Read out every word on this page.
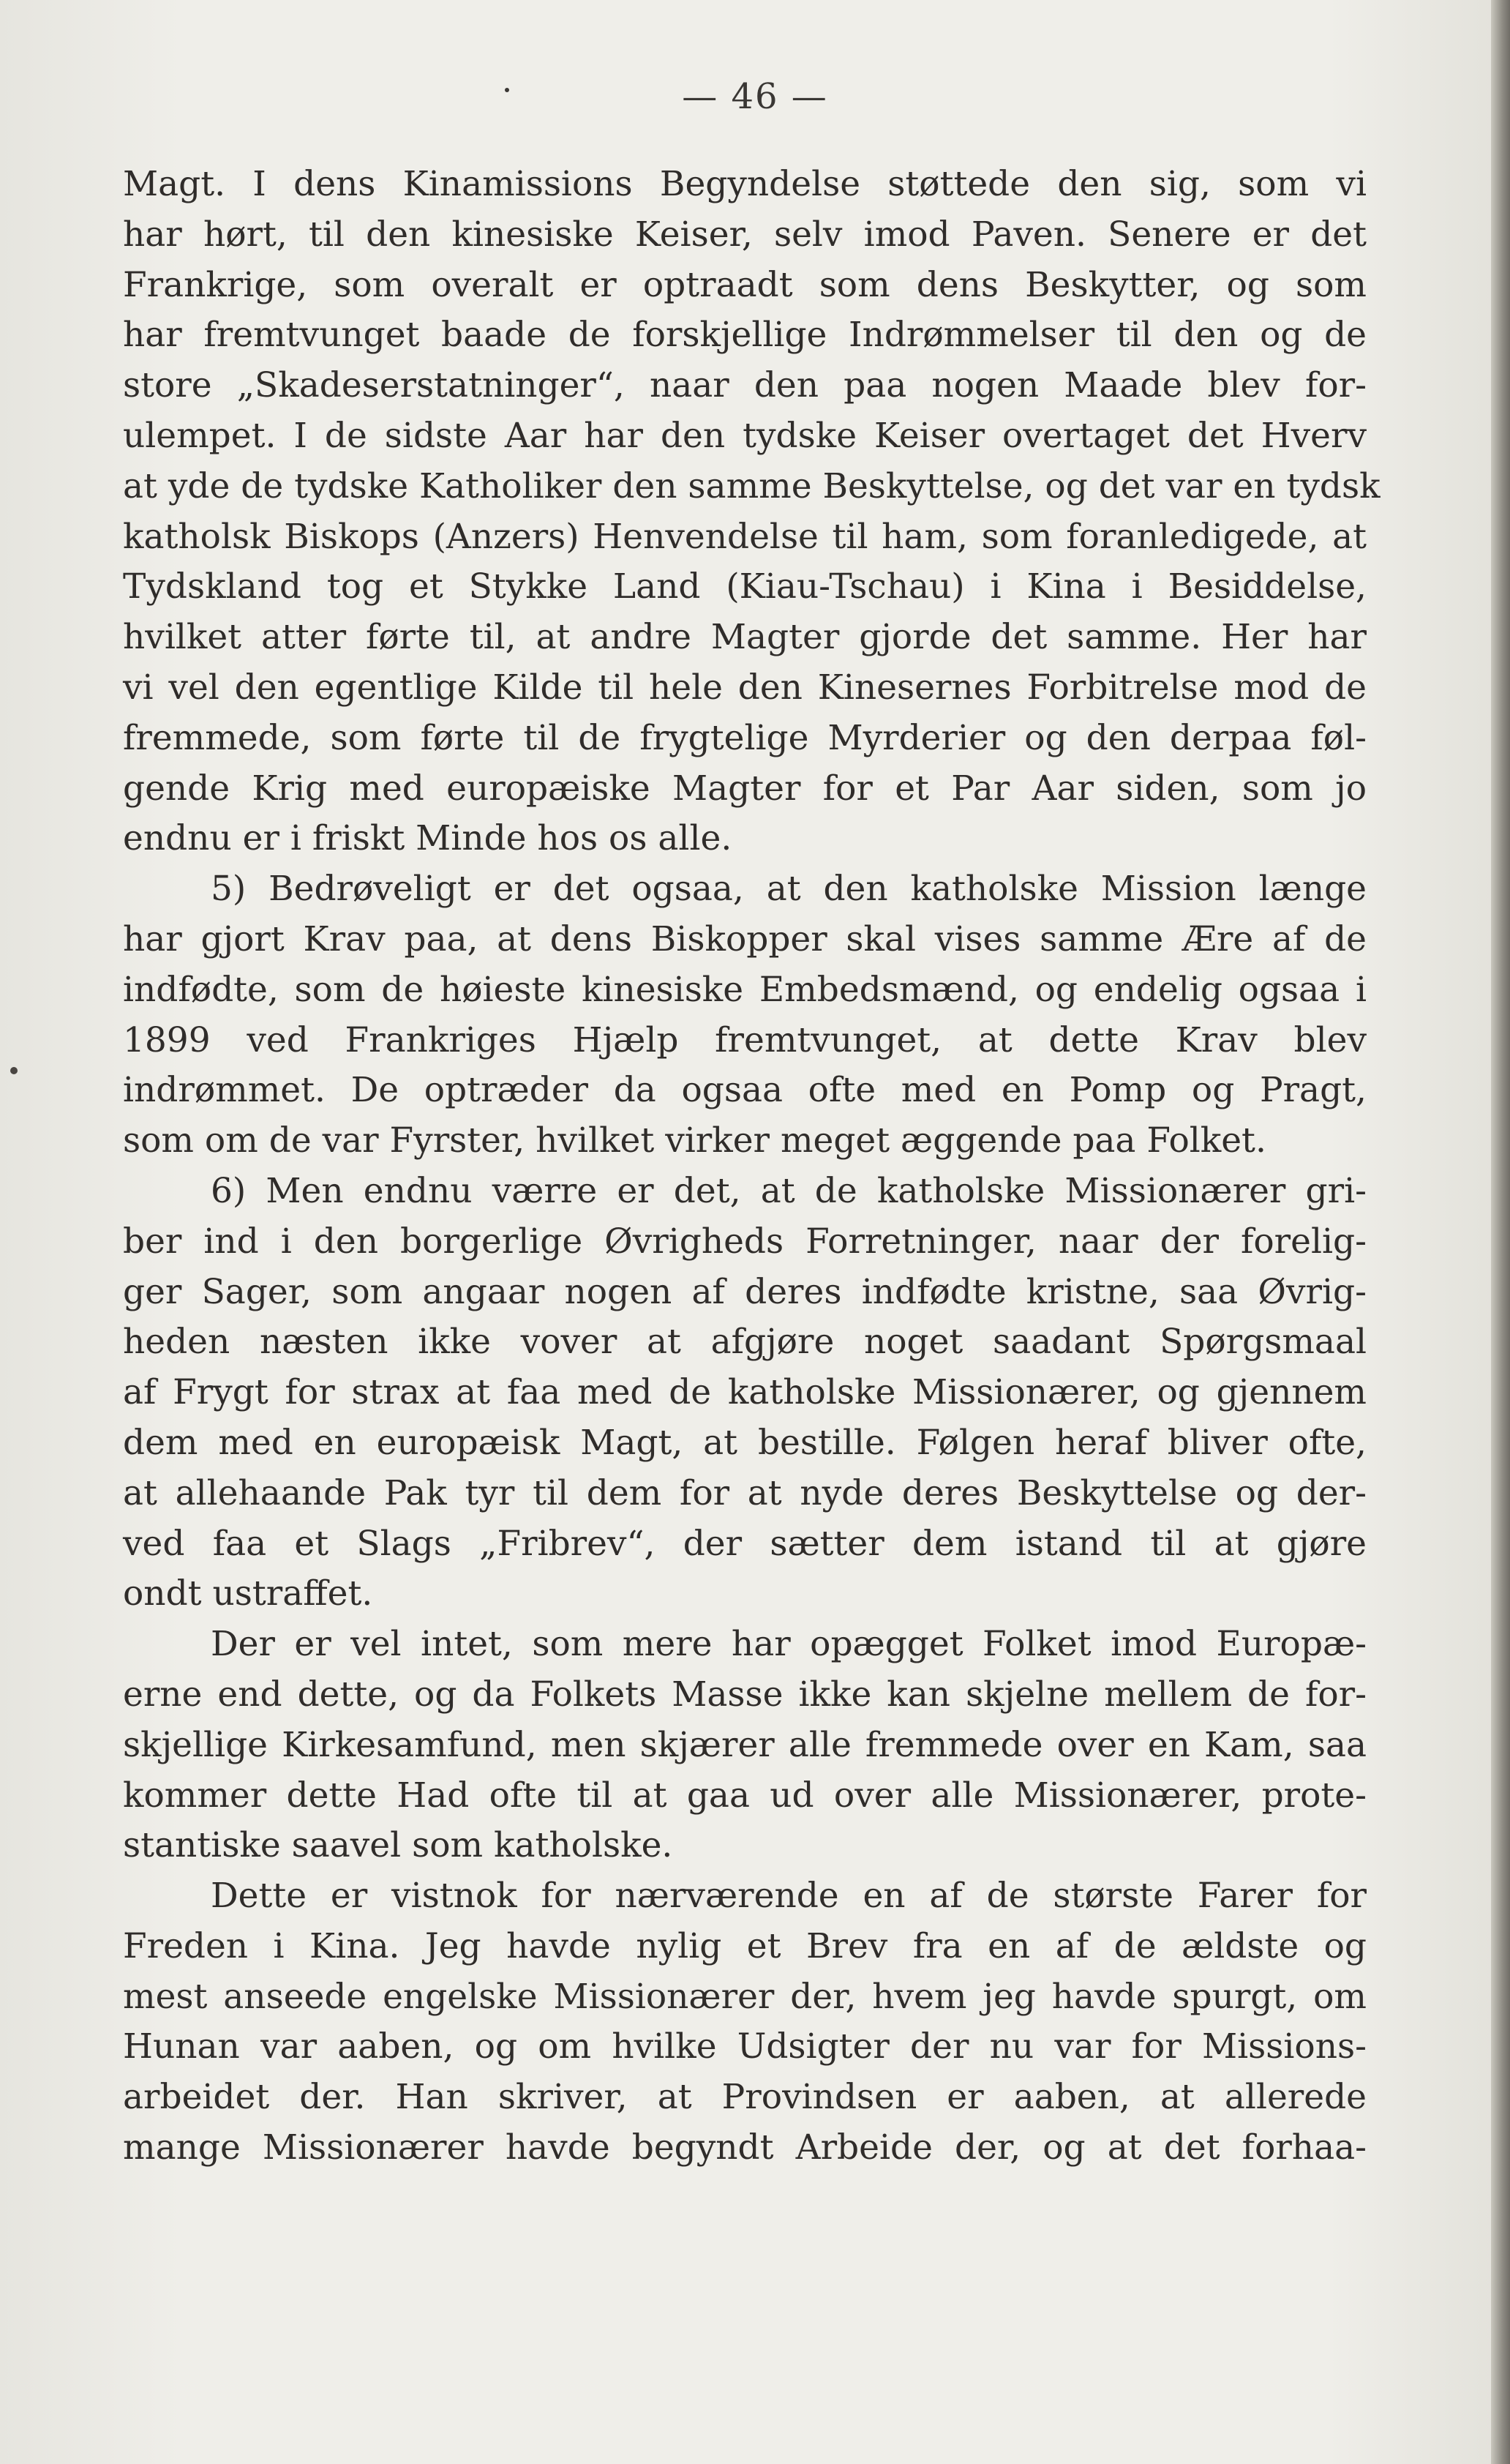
— 46 —
Magt. I dens Kinamissions Begyndelse støttede den sig, som vi
har hørt, til den kinesiske Keiser, selv imod Paven. Senere er det
Frankrige, som overalt er optraadt som dens Beskytter, og som
har fremtvunget baade de forskjellige Indrømmelser til den og de
store „Skadeserstatninger“, naar den paa nogen Maade blev for-
ulempet. I de sidste Aar har den tydske Keiser overtaget det Hverv
at yde de tydske Katholiker den samme Beskyttelse, og det var en tydsk
katholsk Biskops (Anzers) Henvendelse til ham, som foranledigede, at
Tydskland tog et Stykke Land (Kiau-Tschau) i Kina i Besiddelse,
hvilket atter førte til, at andre Magter gjorde det samme. Her har
vi vel den egentlige Kilde til hele den Kinesernes Forbitrelse mod de
fremmede, som førte til de frygtelige Myrderier og den derpaa føl-
gende Krig med europæiske Magter for et Par Aar siden, som jo
endnu er i friskt Minde hos os alle.
5) Bedrøveligt er det ogsaa, at den katholske Mission længe
har gjort Krav paa, at dens Biskopper skal vises samme Ære af de
indfødte, som de høieste kinesiske Embedsmænd, og endelig ogsaa i
1899 ved Frankriges Hjælp fremtvunget, at dette Krav blev
indrømmet. De optræder da ogsaa ofte med en Pomp og Pragt,
som om de var Fyrster, hvilket virker meget æggende paa Folket.
6) Men endnu værre er det, at de katholske Missionærer gri-
ber ind i den borgerlige Øvrigheds Forretninger, naar der forelig-
ger Sager, som angaar nogen af deres indfødte kristne, saa Øvrig-
heden næsten ikke vover at afgjøre noget saadant Spørgsmaal
af Frygt for strax at faa med de katholske Missionærer, og gjennem
dem med en europæisk Magt, at bestille. Følgen heraf bliver ofte,
at allehaande Pak tyr til dem for at nyde deres Beskyttelse og der-
ved faa et Slags „Fribrev“, der sætter dem istand til at gjøre
ondt ustraffet.
Der er vel intet, som mere har opægget Folket imod Europæ-
erne end dette, og da Folkets Masse ikke kan skjelne mellem de for-
skjellige Kirkesamfund, men skjærer alle fremmede over en Kam, saa
kommer dette Had ofte til at gaa ud over alle Missionærer, prote-
stantiske saavel som katholske.
Dette er vistnok for nærværende en af de største Farer for
Freden i Kina. Jeg havde nylig et Brev fra en af de ældste og
mest anseede engelske Missionærer der, hvem jeg havde spurgt, om
Hunan var aaben, og om hvilke Udsigter der nu var for Missions-
arbeidet der. Han skriver, at Provindsen er aaben, at allerede
mange Missionærer havde begyndt Arbeide der, og at det forhaa-
